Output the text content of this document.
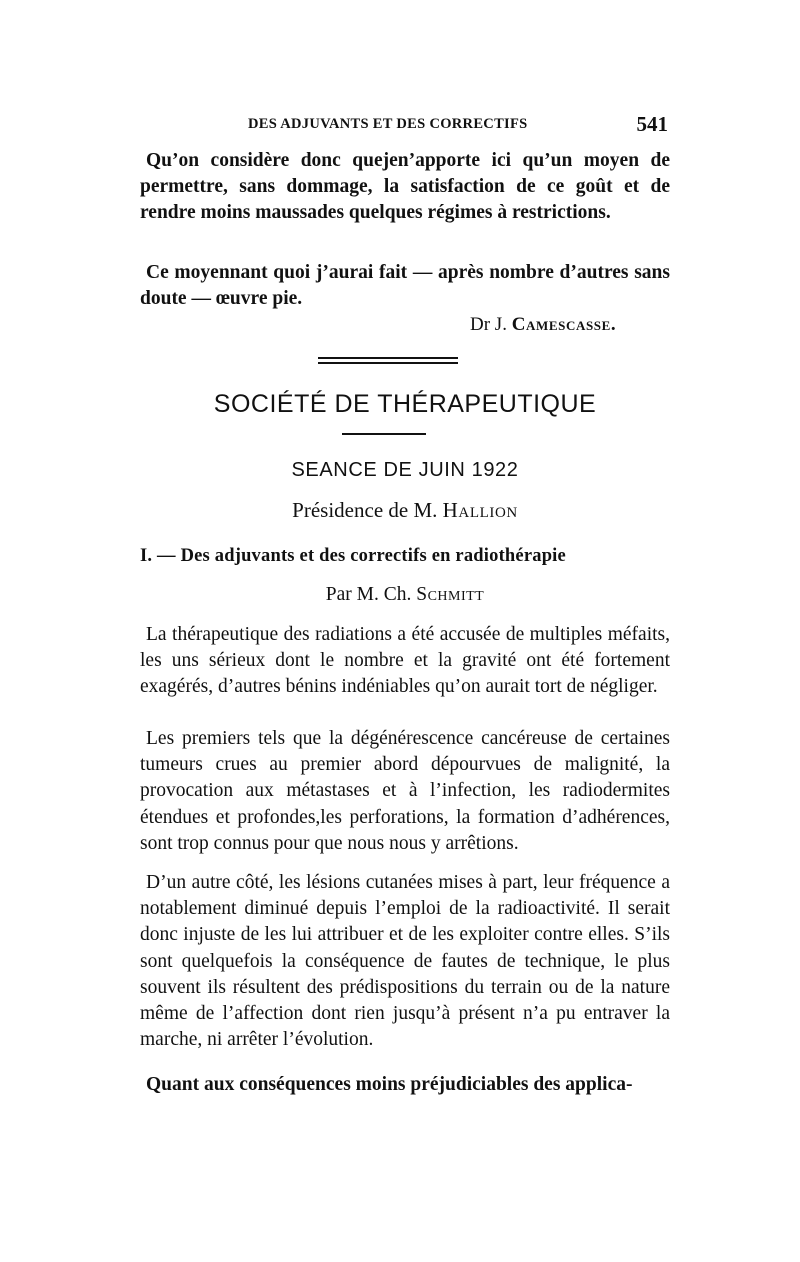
DES ADJUVANTS ET DES CORRECTIFS	541

Qu’on considère donc quejen’apporte ici qu’un moyen de permettre, sans dommage, la satisfaction de ce goût et de rendre moins maussades quelques régimes à restrictions.

Ce moyennant quoi j’aurai fait — après nombre d’autres sans doute — œuvre pie.

Dr J. Camescasse.
SOCIÉTÉ DE THÉRAPEUTIQUE
SEANCE DE JUIN 1922
Présidence de M. Hallion
I. — Des adjuvants et des correctifs en radiothérapie
Par M. Ch. Schmitt

La thérapeutique des radiations a été accusée de multiples méfaits, les uns sérieux dont le nombre et la gravité ont été fortement exagérés, d’autres bénins indéniables qu’on aurait tort de négliger.

Les premiers tels que la dégénérescence cancéreuse de certaines tumeurs crues au premier abord dépourvues de malignité, la provocation aux métastases et à l’infection, les radiodermites étendues et profondes,les perforations, la formation d’adhérences, sont trop connus pour que nous nous y arrêtions.

D’un autre côté, les lésions cutanées mises à part, leur fréquence a notablement diminué depuis l’emploi de la radioactivité. Il serait donc injuste de les lui attribuer et de les exploiter contre elles. S’ils sont quelquefois la conséquence de fautes de technique, le plus souvent ils résultent des prédispositions du terrain ou de la nature même de l’affection dont rien jusqu’à présent n’a pu entraver la marche, ni arrêter l’évolution.

Quant aux conséquences moins préjudiciables des applica-
